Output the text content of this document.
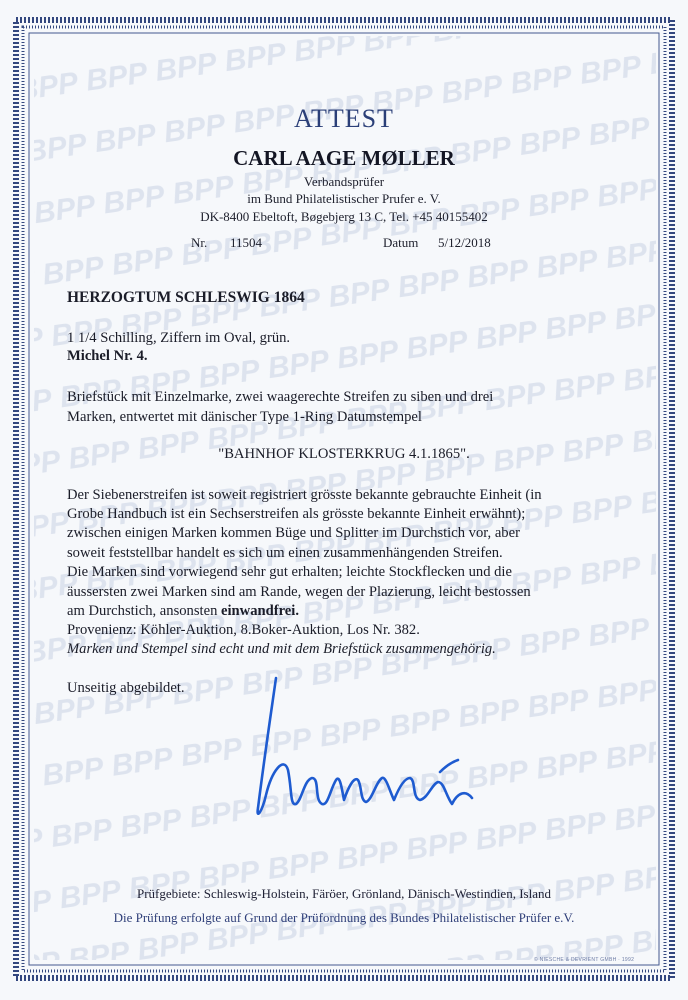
ATTEST
CARL AAGE MØLLER
Verbandsprüfer
im Bund Philatelistischer Prufer e. V.
DK-8400 Ebeltoft, Bøgebjerg 13 C, Tel. +45 40155402
Nr. 11504	Datum 5/12/2018
HERZOGTUM SCHLESWIG 1864
1 1/4 Schilling, Ziffern im Oval, grün.
Michel Nr. 4.
Briefstück mit Einzelmarke, zwei waagerechte Streifen zu siben und drei
Marken, entwertet mit dänischer Type 1-Ring Datumstempel
"BAHNHOF KLOSTERKRUG 4.1.1865".
Der Siebenerstreifen ist soweit registriert grösste bekannte gebrauchte Einheit (in
Grobe Handbuch ist ein Sechserstreifen als grösste bekannte Einheit erwähnt);
zwischen einigen Marken kommen Büge und Splitter im Durchstich vor, aber
soweit feststellbar handelt es sich um einen zusammenhängenden Streifen.
Die Marken sind vorwiegend sehr gut erhalten; leichte Stockflecken und die
äussersten zwei Marken sind am Rande, wegen der Plazierung, leicht bestossen
am Durchstich, ansonsten einwandfrei.
Provenienz: Köhler-Auktion, 8.Boker-Auktion, Los Nr. 382.
Marken und Stempel sind echt und mit dem Briefstück zusammengehörig.
Unseitig abgebildet.
Prüfgebiete: Schleswig-Holstein, Färöer, Grönland, Dänisch-Westindien, Island
Die Prüfung erfolgte auf Grund der Prüfordnung des Bundes Philatelistischer Prüfer e.V.
© NIESCHE & DEVRIENT GMBH · 1992
